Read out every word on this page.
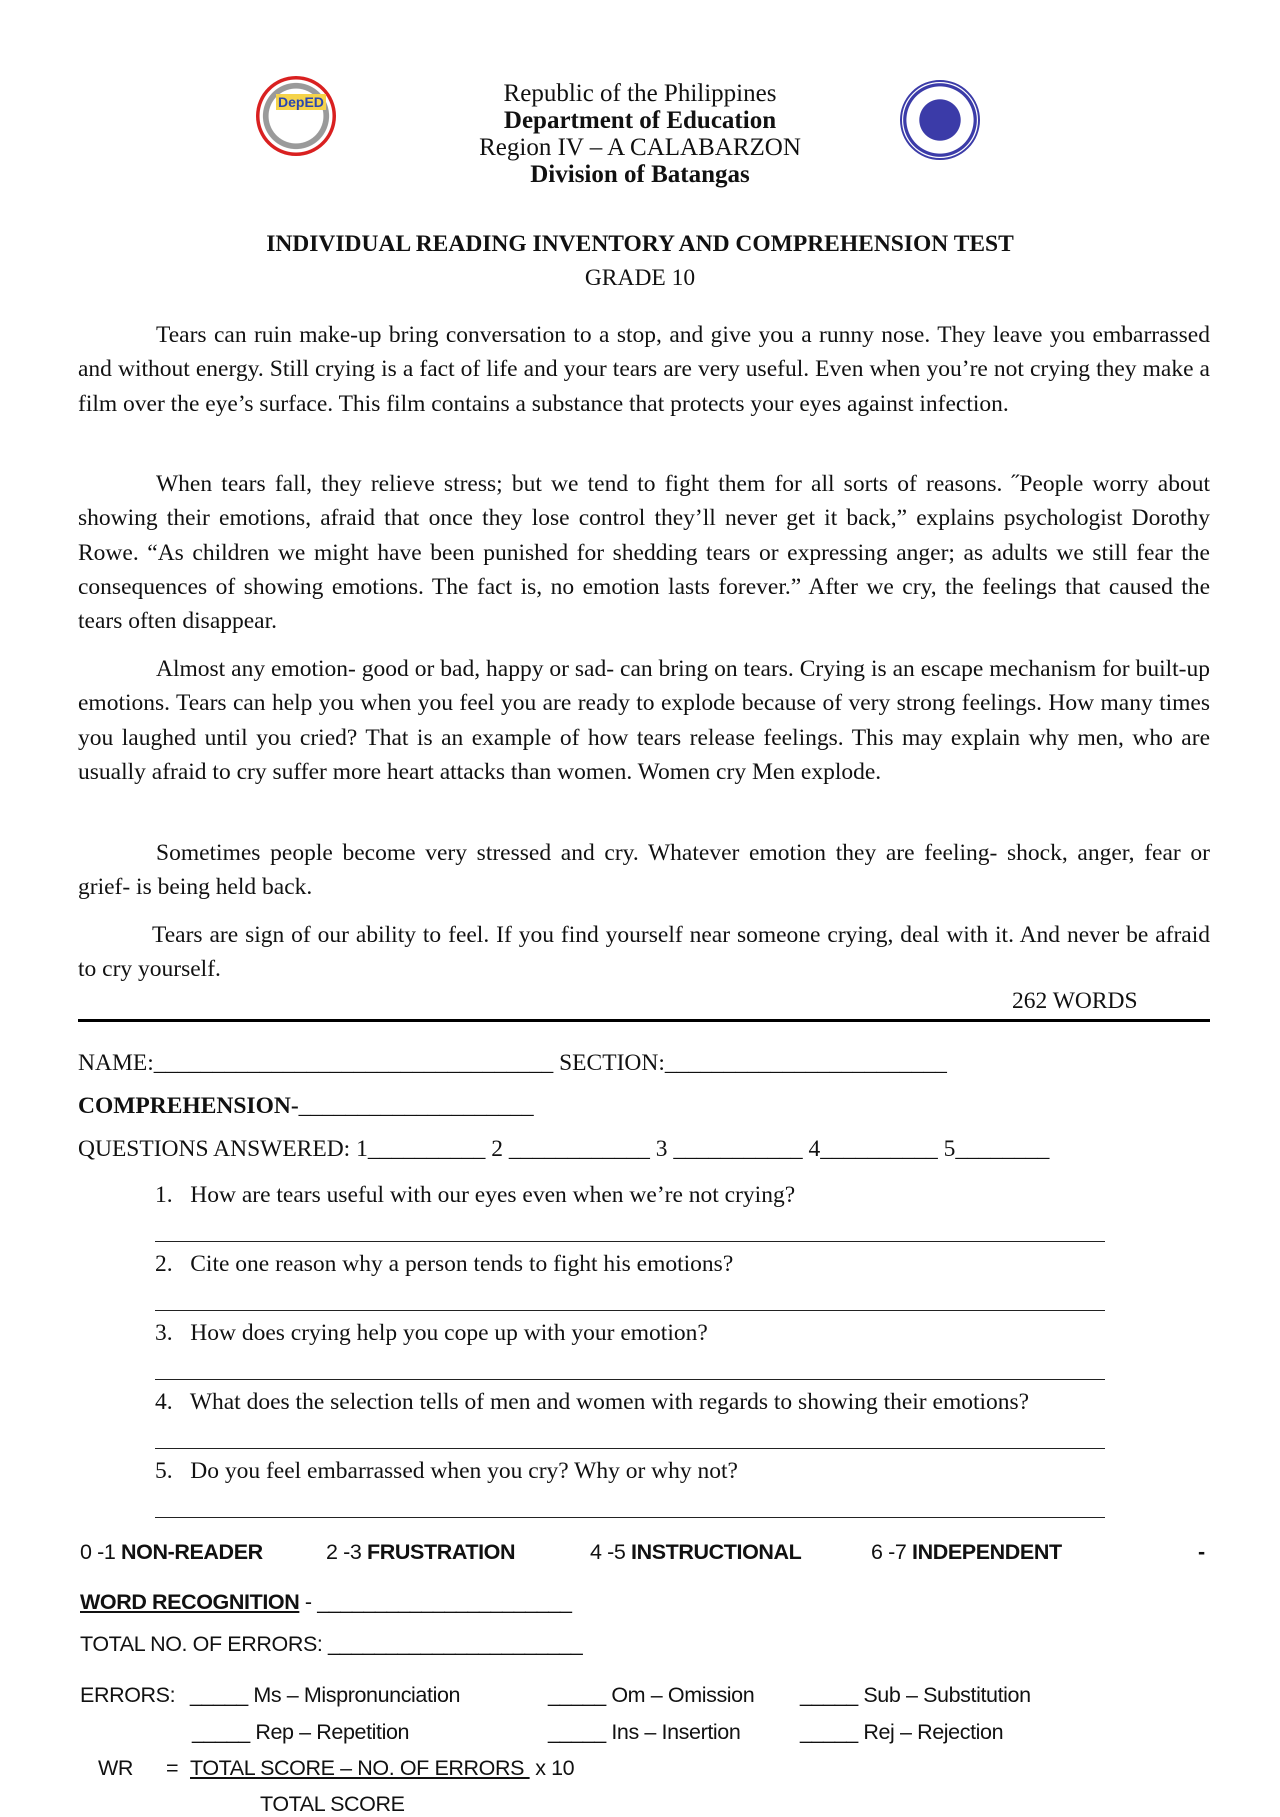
DepED	Republic of the Philippines
Department of Education
Region IV – A CALABARZON
Division of Batangas
INDIVIDUAL READING INVENTORY AND COMPREHENSION TEST
GRADE 10

Tears can ruin make-up bring conversation to a stop, and give you a runny nose. They leave you embarrassed and without energy. Still crying is a fact of life and your tears are very useful. Even when you’re not crying they make a film over the eye’s surface. This film contains a substance that protects your eyes against infection.

When tears fall, they relieve stress; but we tend to fight them for all sorts of reasons. ˝People worry about showing their emotions, afraid that once they lose control they’ll never get it back,” explains psychologist Dorothy Rowe. “As children we might have been punished for shedding tears or expressing anger; as adults we still fear the consequences of showing emotions. The fact is, no emotion lasts forever.” After we cry, the feelings that caused the tears often disappear.

Almost any emotion- good or bad, happy or sad- can bring on tears. Crying is an escape mechanism for built-up emotions. Tears can help you when you feel you are ready to explode because of very strong feelings. How many times you laughed until you cried? That is an example of how tears release feelings. This may explain why men, who are usually afraid to cry suffer more heart attacks than women. Women cry Men explode.

Sometimes people become very stressed and cry. Whatever emotion they are feeling- shock, anger, fear or grief- is being held back.

Tears are sign of our ability to feel. If you find yourself near someone crying, deal with it. And never be afraid to cry yourself.

262 WORDS
NAME:__________________________________ SECTION:________________________
COMPREHENSION-____________________
QUESTIONS ANSWERED: 1__________ 2 ____________ 3 ___________ 4__________ 5________
1.   How are tears useful with our eyes even when we’re not crying?
2.   Cite one reason why a person tends to fight his emotions?
3.   How does crying help you cope up with your emotion?
4.   What does the selection tells of men and women with regards to showing their emotions?
5.   Do you feel embarrassed when you cry? Why or why not?
0 -1 NON-READER	2 -3 FRUSTRATION	4 -5 INSTRUCTIONAL	6 -7 INDEPENDENT	-
WORD RECOGNITION - ______________________
TOTAL NO. OF ERRORS: ______________________
ERRORS: _____ Ms – Mispronunciation	_____ Om – Omission _____ Sub – Substitution
_____ Rep – Repetition	_____ Ins – Insertion	_____ Rej – Rejection
WR = TOTAL SCORE – NO. OF ERRORS  x 10
TOTAL SCORE
